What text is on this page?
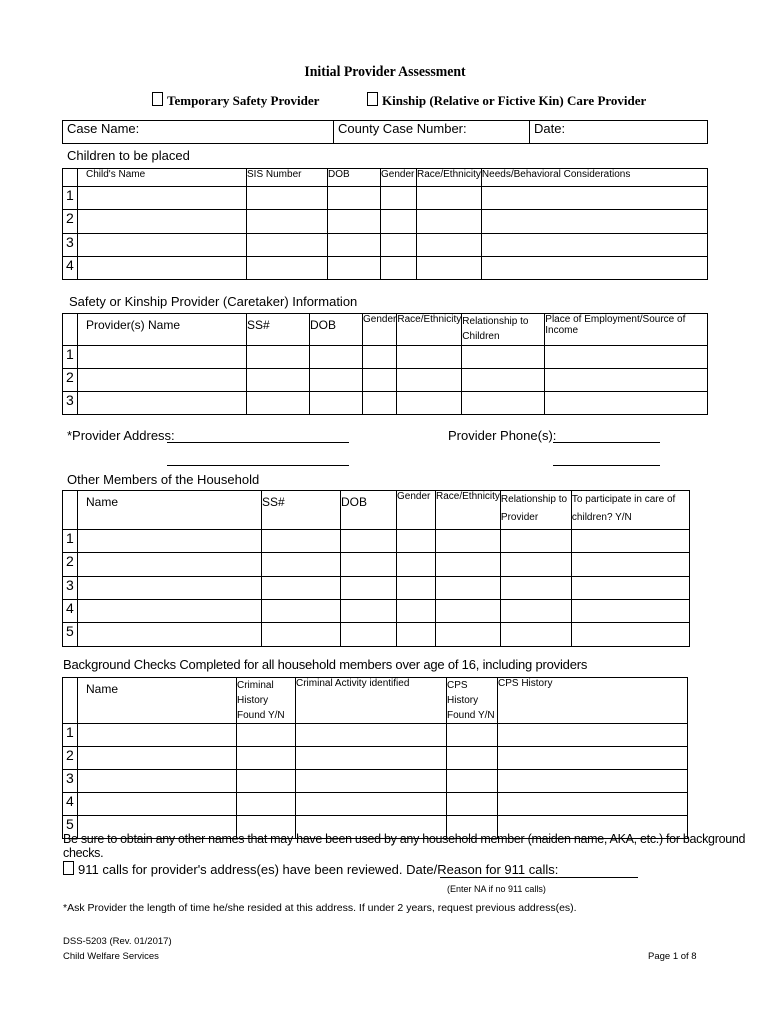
Initial Provider Assessment
Temporary Safety Provider	Kinship (Relative or Fictive Kin) Care Provider
Case Name:	County Case Number:	Date:
Children to be placed
	Child's Name	SIS Number	DOB	Gender	Race/Ethnicity	Needs/Behavioral Considerations
1						
2						
3						
4						
Safety or Kinship Provider (Caretaker) Information
	Provider(s) Name	SS#	DOB	Gender	Race/Ethnicity	Relationship to Children	Place of Employment/Source of Income
1							
2							
3							
*Provider Address:	Provider Phone(s):
Other Members of the Household
	Name	SS#	DOB	Gender	Race/Ethnicity	Relationship to Provider	To participate in care of children? Y/N
1							
2							
3							
4							
5							
Background Checks Completed for all household members over age of 16, including providers
	Name	Criminal History Found Y/N	Criminal Activity identified	CPS History Found Y/N	CPS History
1					
2					
3					
4					
5					
Be sure to obtain any other names that may have been used by any household member (maiden name, AKA, etc.) for background checks.
911 calls for provider's address(es) have been reviewed. Date/Reason for 911 calls:
(Enter NA if no 911 calls)
*Ask Provider the length of time he/she resided at this address. If under 2 years, request previous address(es).
DSS-5203 (Rev. 01/2017)
Child Welfare Services	Page 1 of 8
